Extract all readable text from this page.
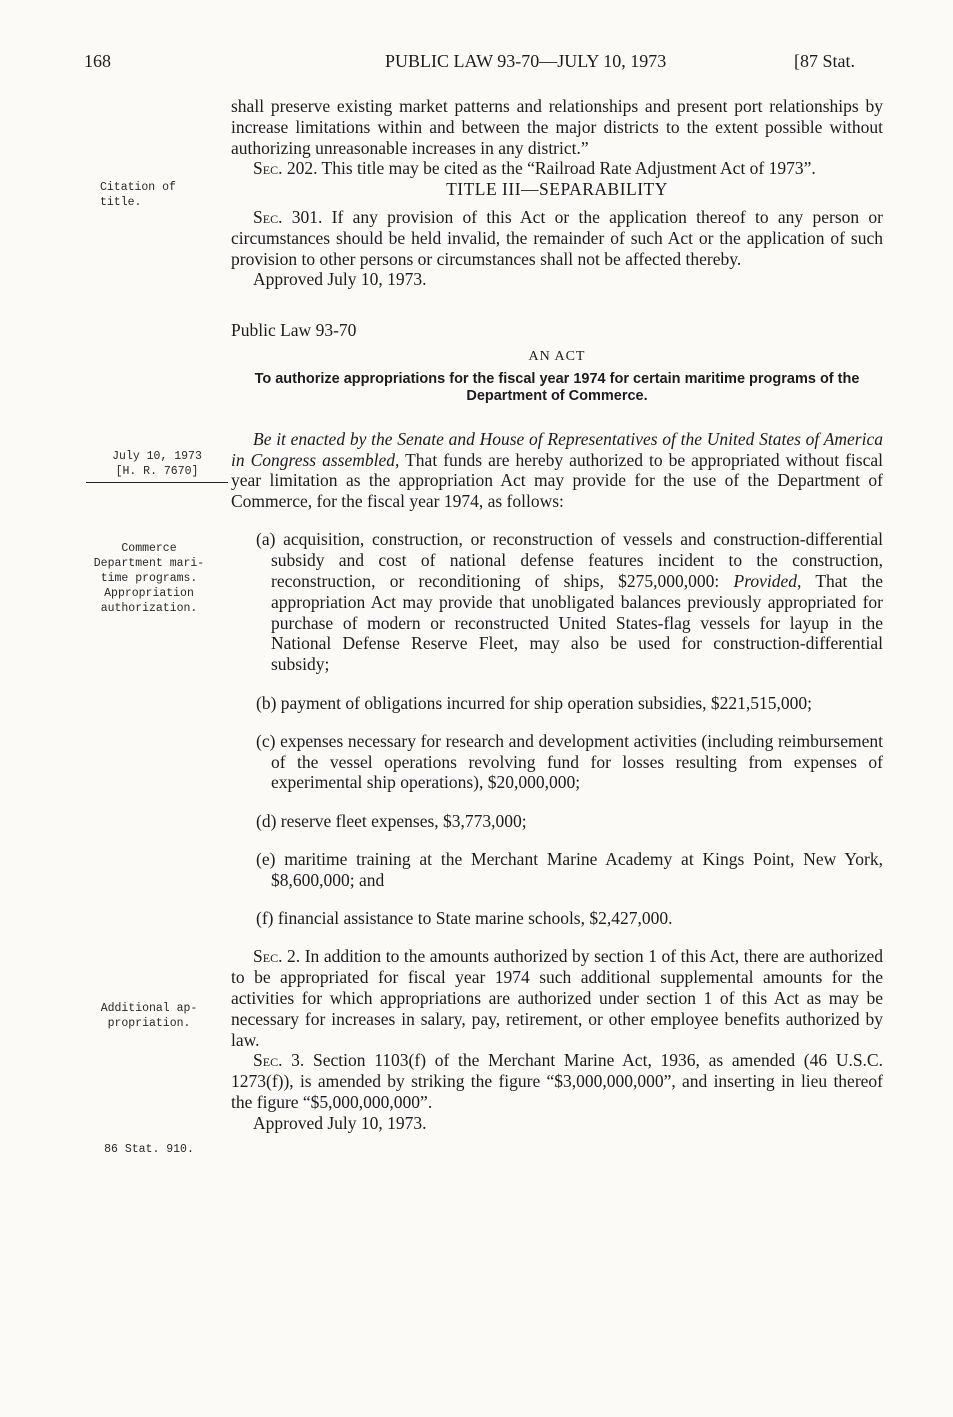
168	PUBLIC LAW 93-70—JULY 10, 1973	[87 Stat.
Citation of title.
July 10, 1973
[H. R. 7670]
Commerce
Department mari-
time programs.
Appropriation
authorization.
Additional ap-
propriation.
86 Stat. 910.

shall preserve existing market patterns and relationships and present port relationships by increase limitations within and between the major districts to the extent possible without authorizing unreasonable increases in any district.”

Sec. 202. This title may be cited as the “Railroad Rate Adjustment Act of 1973”.

TITLE III—SEPARABILITY

Sec. 301. If any provision of this Act or the application thereof to any person or circumstances should be held invalid, the remainder of such Act or the application of such provision to other persons or circumstances shall not be affected thereby.

Approved July 10, 1973.

Public Law 93-70

AN ACT

To authorize appropriations for the fiscal year 1974 for certain maritime programs of the Department of Commerce.

Be it enacted by the Senate and House of Representatives of the United States of America in Congress assembled, That funds are hereby authorized to be appropriated without fiscal year limitation as the appropriation Act may provide for the use of the Department of Commerce, for the fiscal year 1974, as follows:

(a) acquisition, construction, or reconstruction of vessels and construction-differential subsidy and cost of national defense features incident to the construction, reconstruction, or reconditioning of ships, $275,000,000: Provided, That the appropriation Act may provide that unobligated balances previously appropriated for purchase of modern or reconstructed United States-flag vessels for layup in the National Defense Reserve Fleet, may also be used for construction-differential subsidy;

(b) payment of obligations incurred for ship operation subsidies, $221,515,000;

(c) expenses necessary for research and development activities (including reimbursement of the vessel operations revolving fund for losses resulting from expenses of experimental ship operations), $20,000,000;

(d) reserve fleet expenses, $3,773,000;

(e) maritime training at the Merchant Marine Academy at Kings Point, New York, $8,600,000; and

(f) financial assistance to State marine schools, $2,427,000.

Sec. 2. In addition to the amounts authorized by section 1 of this Act, there are authorized to be appropriated for fiscal year 1974 such additional supplemental amounts for the activities for which appropriations are authorized under section 1 of this Act as may be necessary for increases in salary, pay, retirement, or other employee benefits authorized by law.

Sec. 3. Section 1103(f) of the Merchant Marine Act, 1936, as amended (46 U.S.C. 1273(f)), is amended by striking the figure “$3,000,000,000”, and inserting in lieu thereof the figure “$5,000,000,000”.

Approved July 10, 1973.
